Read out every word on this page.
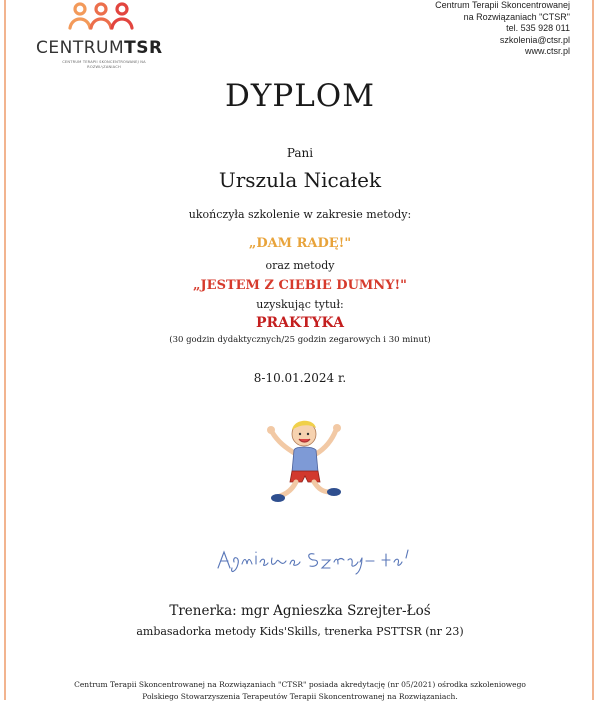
CENTRUMTSR
CENTRUM TERAPII SKONCENTROWANEJ NA ROZWIĄZANIACH
Centrum Terapii Skoncentrowanej
na Rozwiązaniach "CTSR"
tel. 535 928 011
szkolenia@ctsr.pl
www.ctsr.pl
DYPLOM
Pani
Urszula Nicałek
ukończyła szkolenie w zakresie metody:
„DAM RADĘ!"
oraz metody
„JESTEM Z CIEBIE DUMNY!"
uzyskując tytuł:
PRAKTYKA
(30 godzin dydaktycznych/25 godzin zegarowych i 30 minut)
8-10.01.2024 r.
Trenerka: mgr Agnieszka Szrejter-Łoś
ambasadorka metody Kids'Skills, trenerka PSTTSR (nr 23)
Centrum Terapii Skoncentrowanej na Rozwiązaniach "CTSR" posiada akredytację (nr 05/2021) ośrodka szkoleniowego
Polskiego Stowarzyszenia Terapeutów Terapii Skoncentrowanej na Rozwiązaniach.
